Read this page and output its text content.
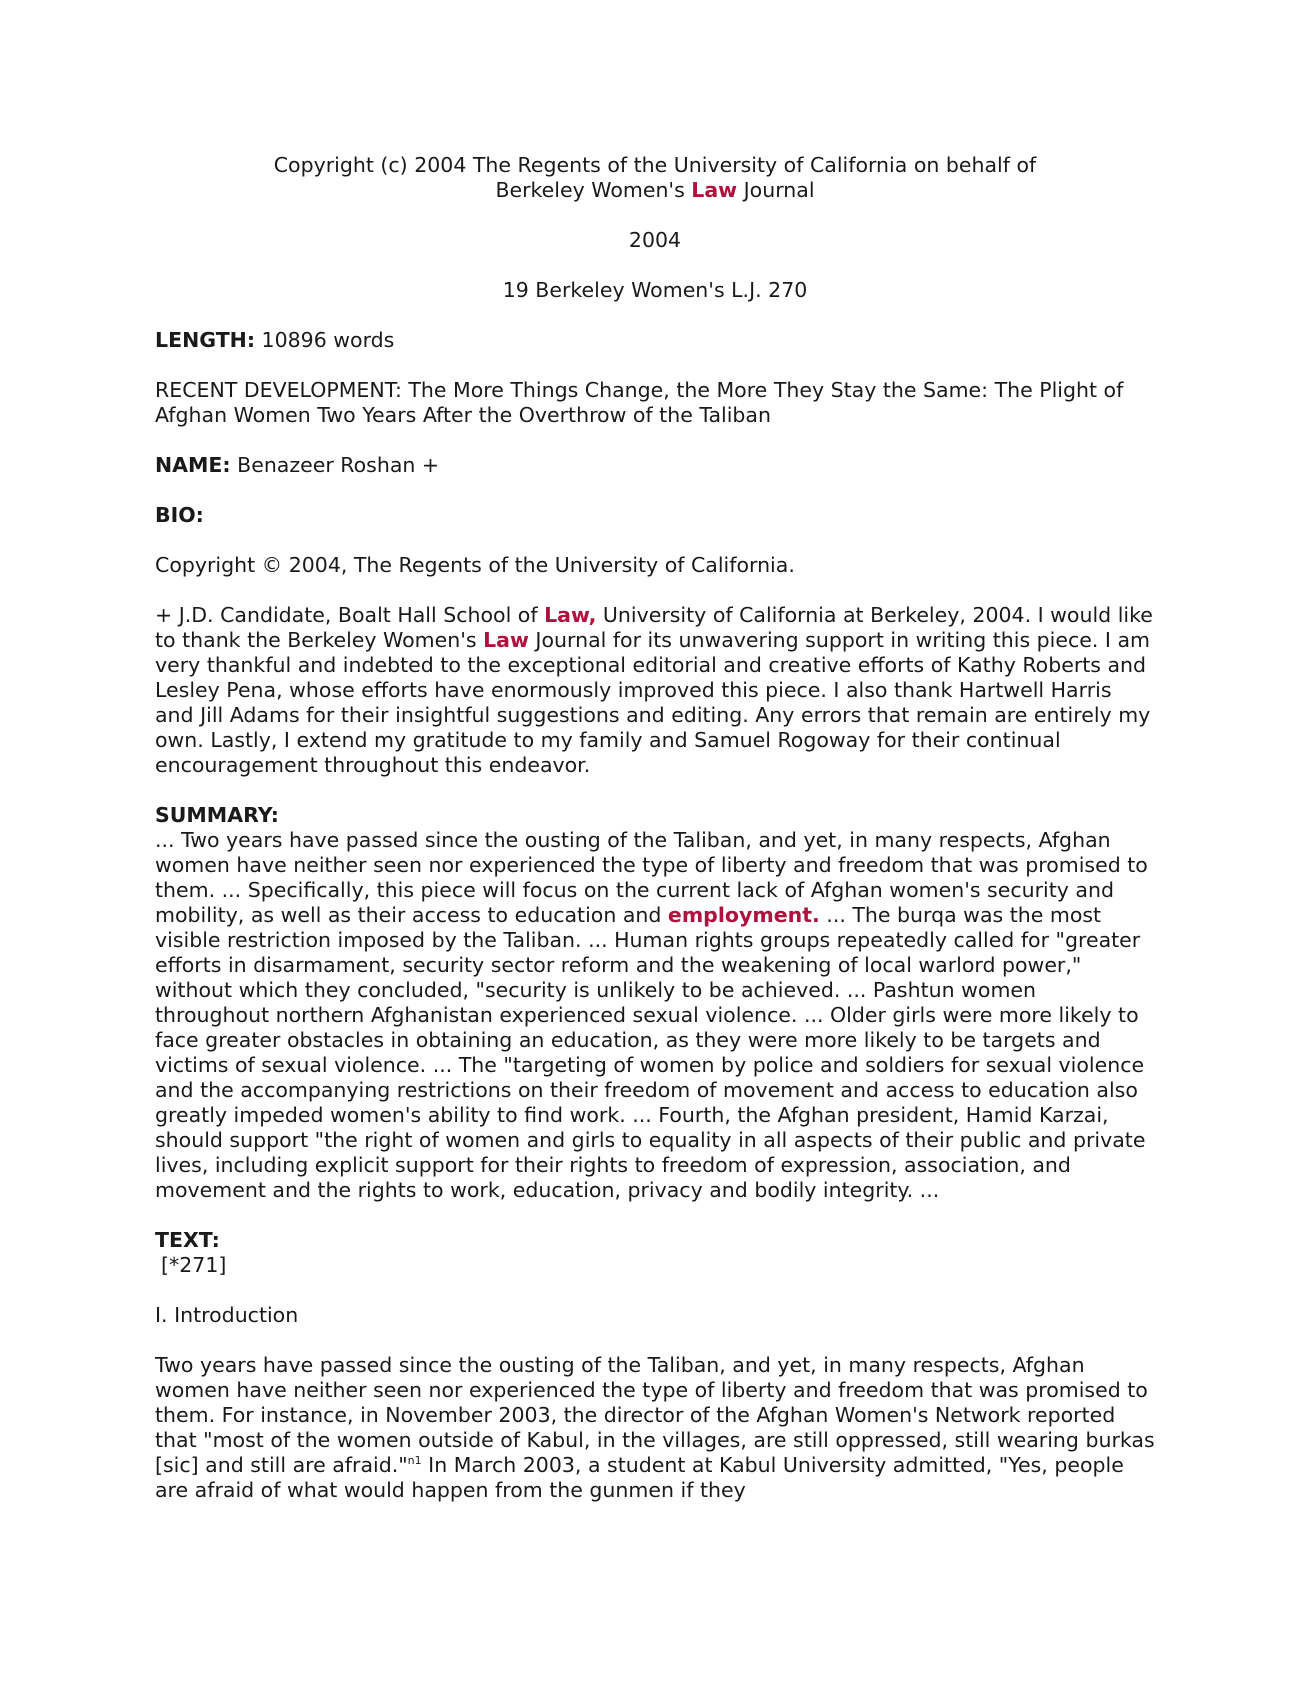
Copyright (c) 2004 The Regents of the University of California on behalf of
Berkeley Women's Law Journal
2004
19 Berkeley Women's L.J. 270

LENGTH: 10896 words

RECENT DEVELOPMENT: The More Things Change, the More They Stay the Same: The Plight of Afghan Women Two Years After the Overthrow of the Taliban

NAME: Benazeer Roshan +

BIO:

Copyright © 2004, The Regents of the University of California.

+ J.D. Candidate, Boalt Hall School of Law, University of California at Berkeley, 2004. I would like to thank the Berkeley Women's Law Journal for its unwavering support in writing this piece. I am very thankful and indebted to the exceptional editorial and creative efforts of Kathy Roberts and Lesley Pena, whose efforts have enormously improved this piece. I also thank Hartwell Harris and Jill Adams for their insightful suggestions and editing. Any errors that remain are entirely my own. Lastly, I extend my gratitude to my family and Samuel Rogoway for their continual encouragement throughout this endeavor.

SUMMARY:

... Two years have passed since the ousting of the Taliban, and yet, in many respects, Afghan women have neither seen nor experienced the type of liberty and freedom that was promised to them. ... Specifically, this piece will focus on the current lack of Afghan women's security and mobility, as well as their access to education and employment. ... The burqa was the most visible restriction imposed by the Taliban. ... Human rights groups repeatedly called for "greater efforts in disarmament, security sector reform and the weakening of local warlord power," without which they concluded, "security is unlikely to be achieved. ... Pashtun women throughout northern Afghanistan experienced sexual violence. ... Older girls were more likely to face greater obstacles in obtaining an education, as they were more likely to be targets and victims of sexual violence. ... The "targeting of women by police and soldiers for sexual violence and the accompanying restrictions on their freedom of movement and access to education also greatly impeded women's ability to find work. ... Fourth, the Afghan president, Hamid Karzai, should support "the right of women and girls to equality in all aspects of their public and private lives, including explicit support for their rights to freedom of expression, association, and movement and the rights to work, education, privacy and bodily integrity. ...

TEXT:
[*271]

I. Introduction

Two years have passed since the ousting of the Taliban, and yet, in many respects, Afghan women have neither seen nor experienced the type of liberty and freedom that was promised to them. For instance, in November 2003, the director of the Afghan Women's Network reported that "most of the women outside of Kabul, in the villages, are still oppressed, still wearing burkas [sic] and still are afraid."$^{n1}$ In March 2003, a student at Kabul University admitted, "Yes, people are afraid of what would happen from the gunmen if they
